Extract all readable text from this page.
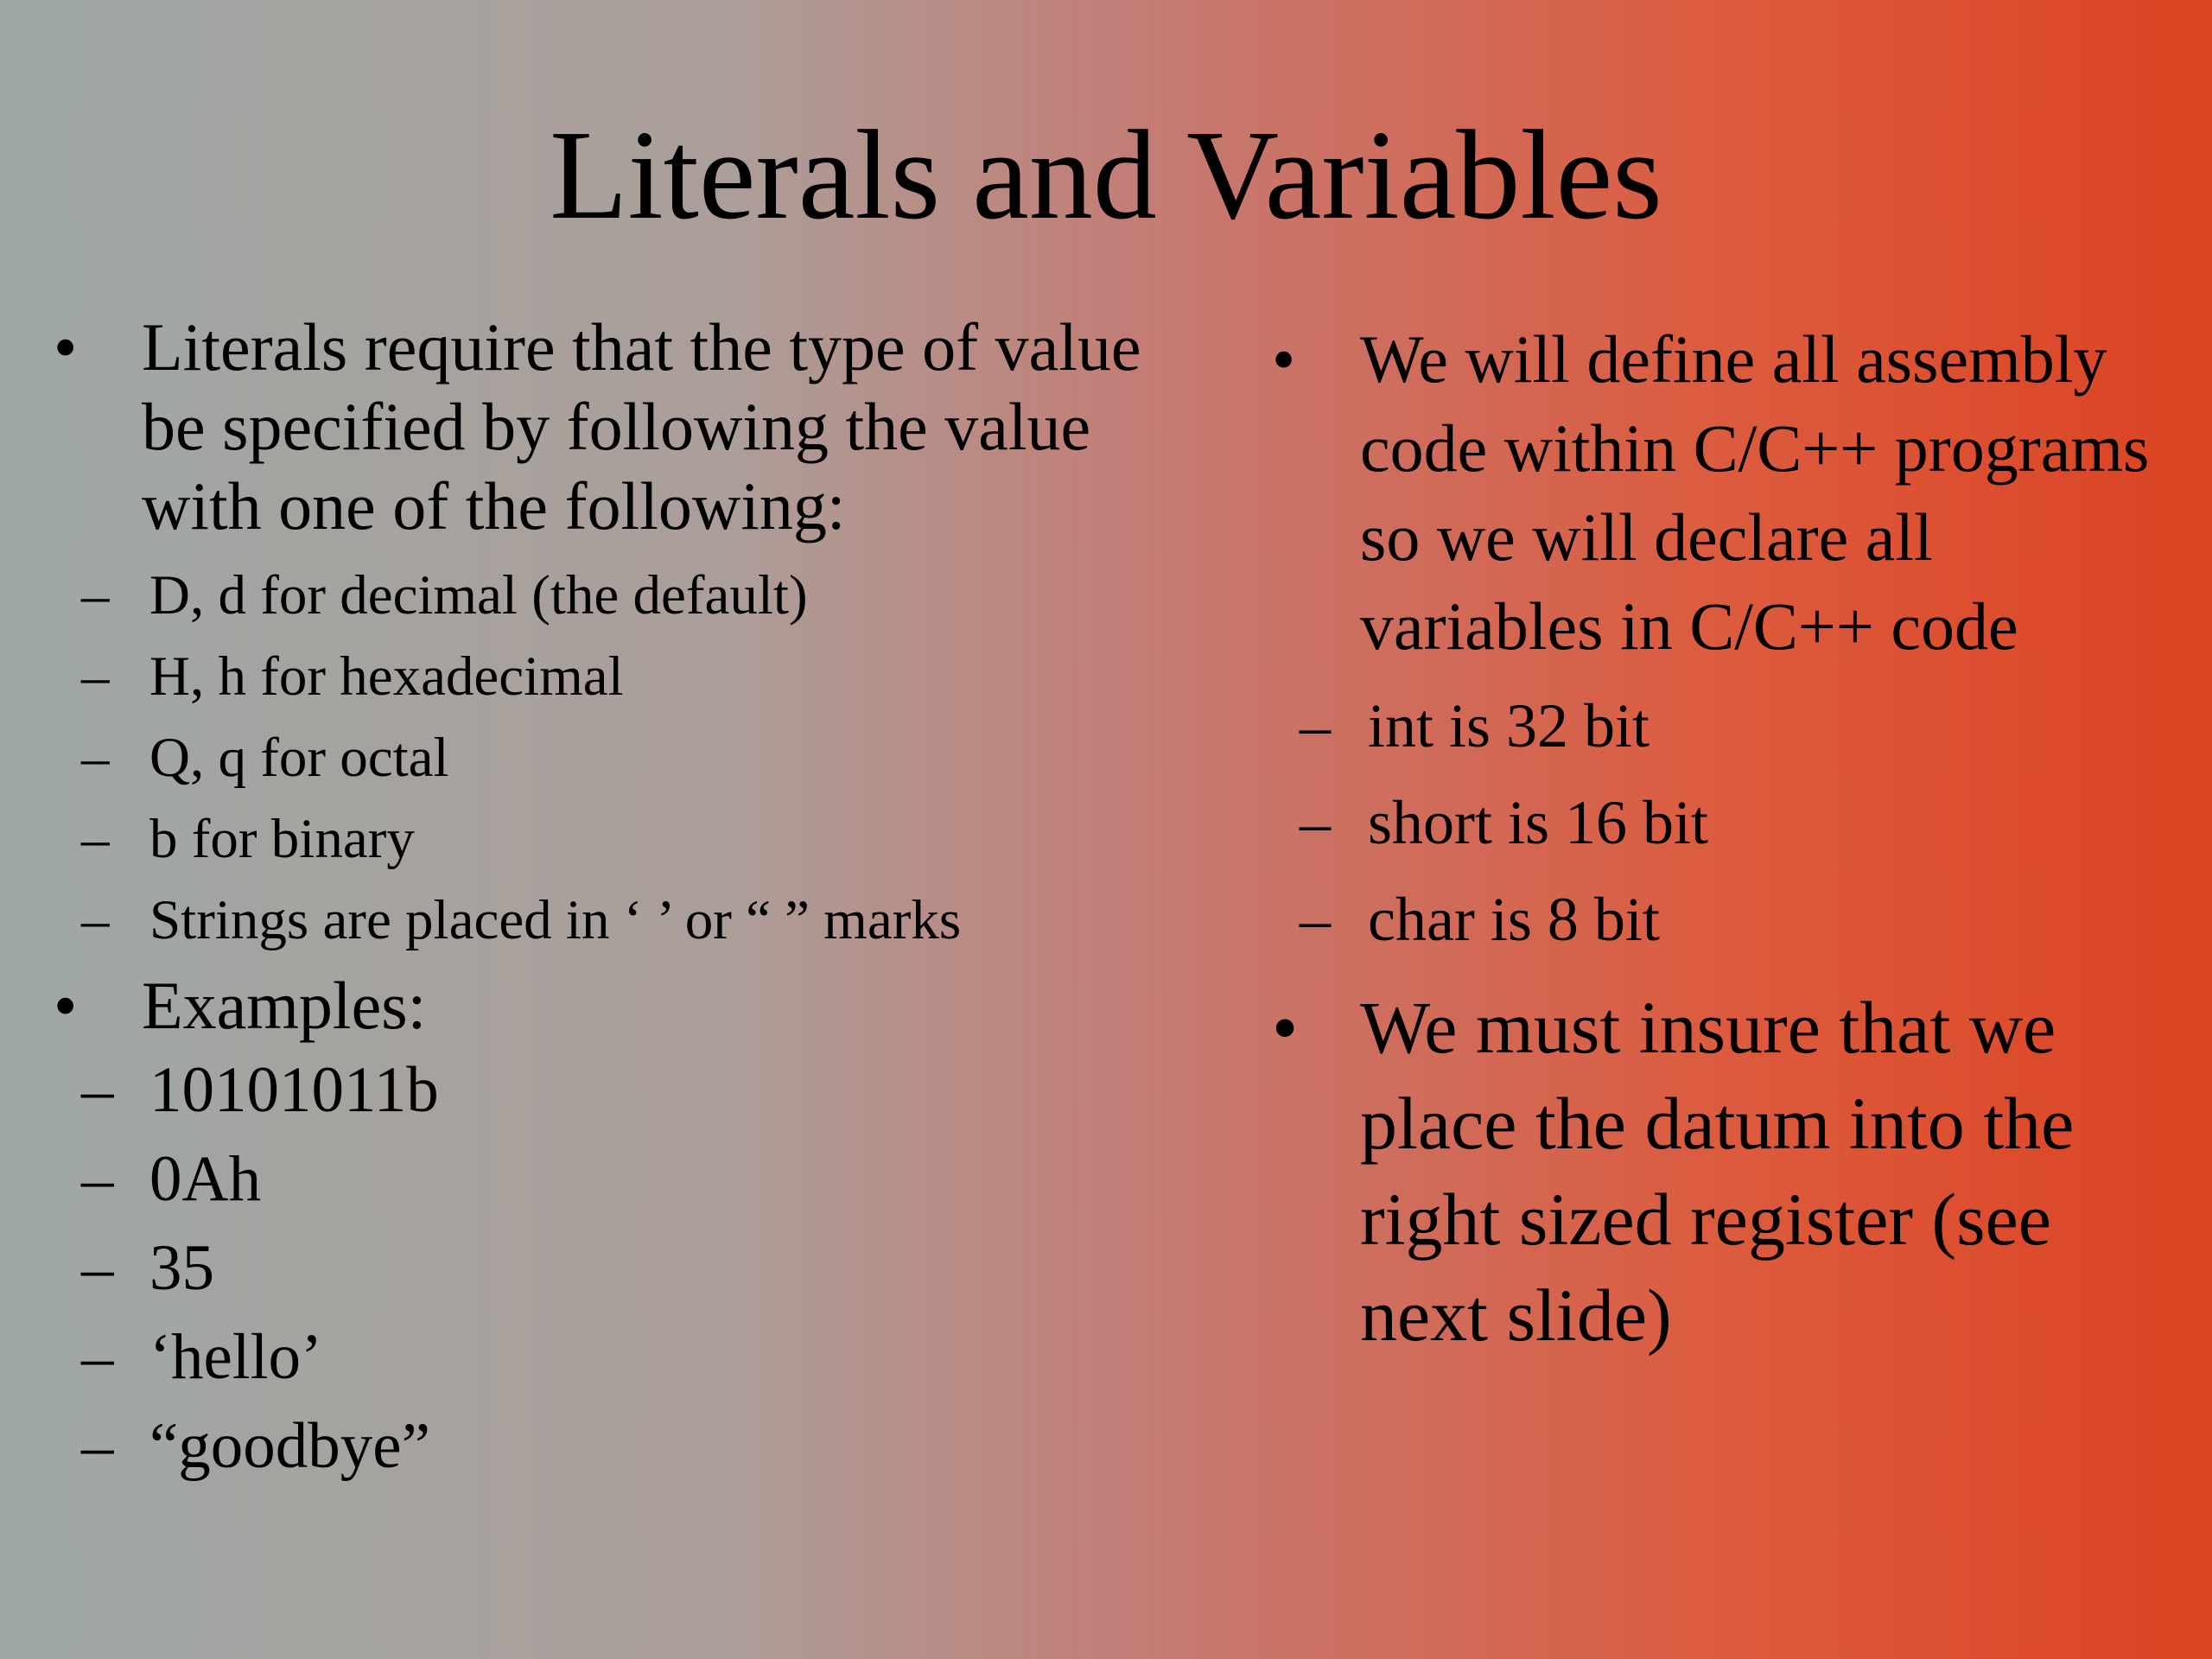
Literals and Variables
• Literals require that the type of value be specified by following the value with one of the following:
– D, d for decimal (the default)
– H, h for hexadecimal
– Q, q for octal
– b for binary
– Strings are placed in ‘ ’ or “ ” marks
• Examples:
– 10101011b
– 0Ah
– 35
– ‘hello’
– “goodbye”
• We will define all assembly code within C/C++ programs so we will declare all variables in C/C++ code
– int is 32 bit
– short is 16 bit
– char is 8 bit
• We must insure that we place the datum into the right sized register (see next slide)
